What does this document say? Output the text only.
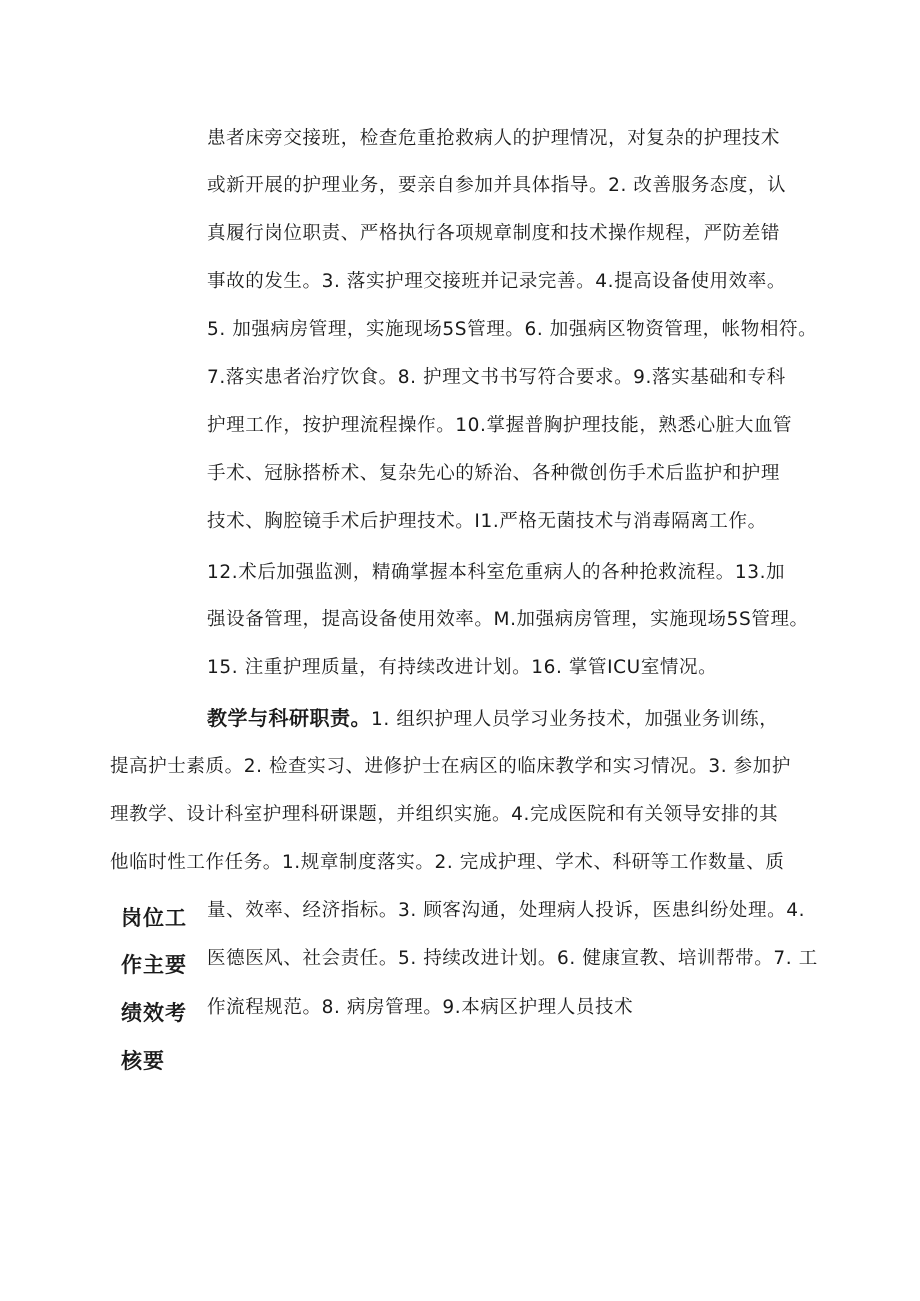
患者床旁交接班，检查危重抢救病人的护理情况，对复杂的护理技术
或新开展的护理业务，要亲自参加并具体指导。2. 改善服务态度，认
真履行岗位职责、严格执行各项规章制度和技术操作规程，严防差错
事故的发生。3. 落实护理交接班并记录完善。4.提高设备使用效率。
5. 加强病房管理，实施现场5S管理。6. 加强病区物资管理，帐物相符。
7.落实患者治疗饮食。8. 护理文书书写符合要求。9.落实基础和专科
护理工作，按护理流程操作。10.掌握普胸护理技能，熟悉心脏大血管
手术、冠脉搭桥术、复杂先心的矫治、各种微创伤手术后监护和护理
技术、胸腔镜手术后护理技术。I1.严格无菌技术与消毒隔离工作。
12.术后加强监测，精确掌握本科室危重病人的各种抢救流程。13.加
强设备管理，提高设备使用效率。M.加强病房管理，实施现场5S管理。
15. 注重护理质量，有持续改进计划。16. 掌管ICU室情况。
教学与科研职责。1. 组织护理人员学习业务技术，加强业务训练，
提高护士素质。2. 检查实习、进修护士在病区的临床教学和实习情况。3. 参加护
理教学、设计科室护理科研课题，并组织实施。4.完成医院和有关领导安排的其
他临时性工作任务。1.规章制度落实。2. 完成护理、学术、科研等工作数量、质
岗位工
作主要
绩效考
核要
量、效率、经济指标。3. 顾客沟通，处理病人投诉，医患纠纷处理。4.
医德医风、社会责任。5. 持续改进计划。6. 健康宣教、培训帮带。7. 工
作流程规范。8. 病房管理。9.本病区护理人员技术
